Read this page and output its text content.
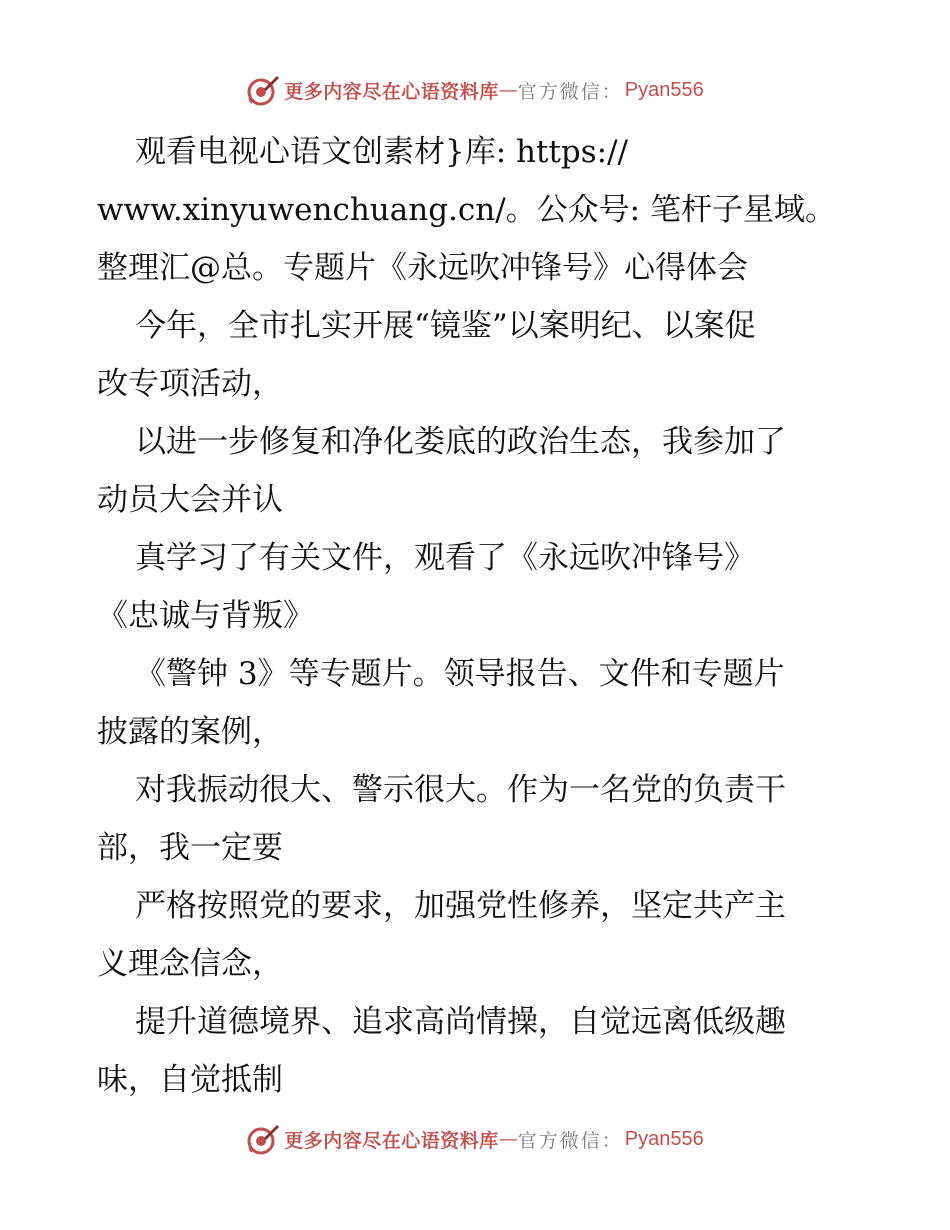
更多内容尽在心语资料库 — 官方微信： Pyan556
观看电视心语文创素材}库: https://
www.xinyuwenchuang.cn/。公众号: 笔杆子星域。
整理汇@总。专题片《永远吹冲锋号》心得体会
今年，全市扎实开展“镜鉴”以案明纪、以案促
改专项活动，
以进一步修复和净化娄底的政治生态，我参加了
动员大会并认
真学习了有关文件，观看了《永远吹冲锋号》
《忠诚与背叛》
《警钟 3》等专题片。领导报告、文件和专题片
披露的案例，
对我振动很大、警示很大。作为一名党的负责干
部，我一定要
严格按照党的要求，加强党性修养，坚定共产主
义理念信念，
提升道德境界、追求高尚情操，自觉远离低级趣
味，自觉抵制
更多内容尽在心语资料库 — 官方微信： Pyan556
